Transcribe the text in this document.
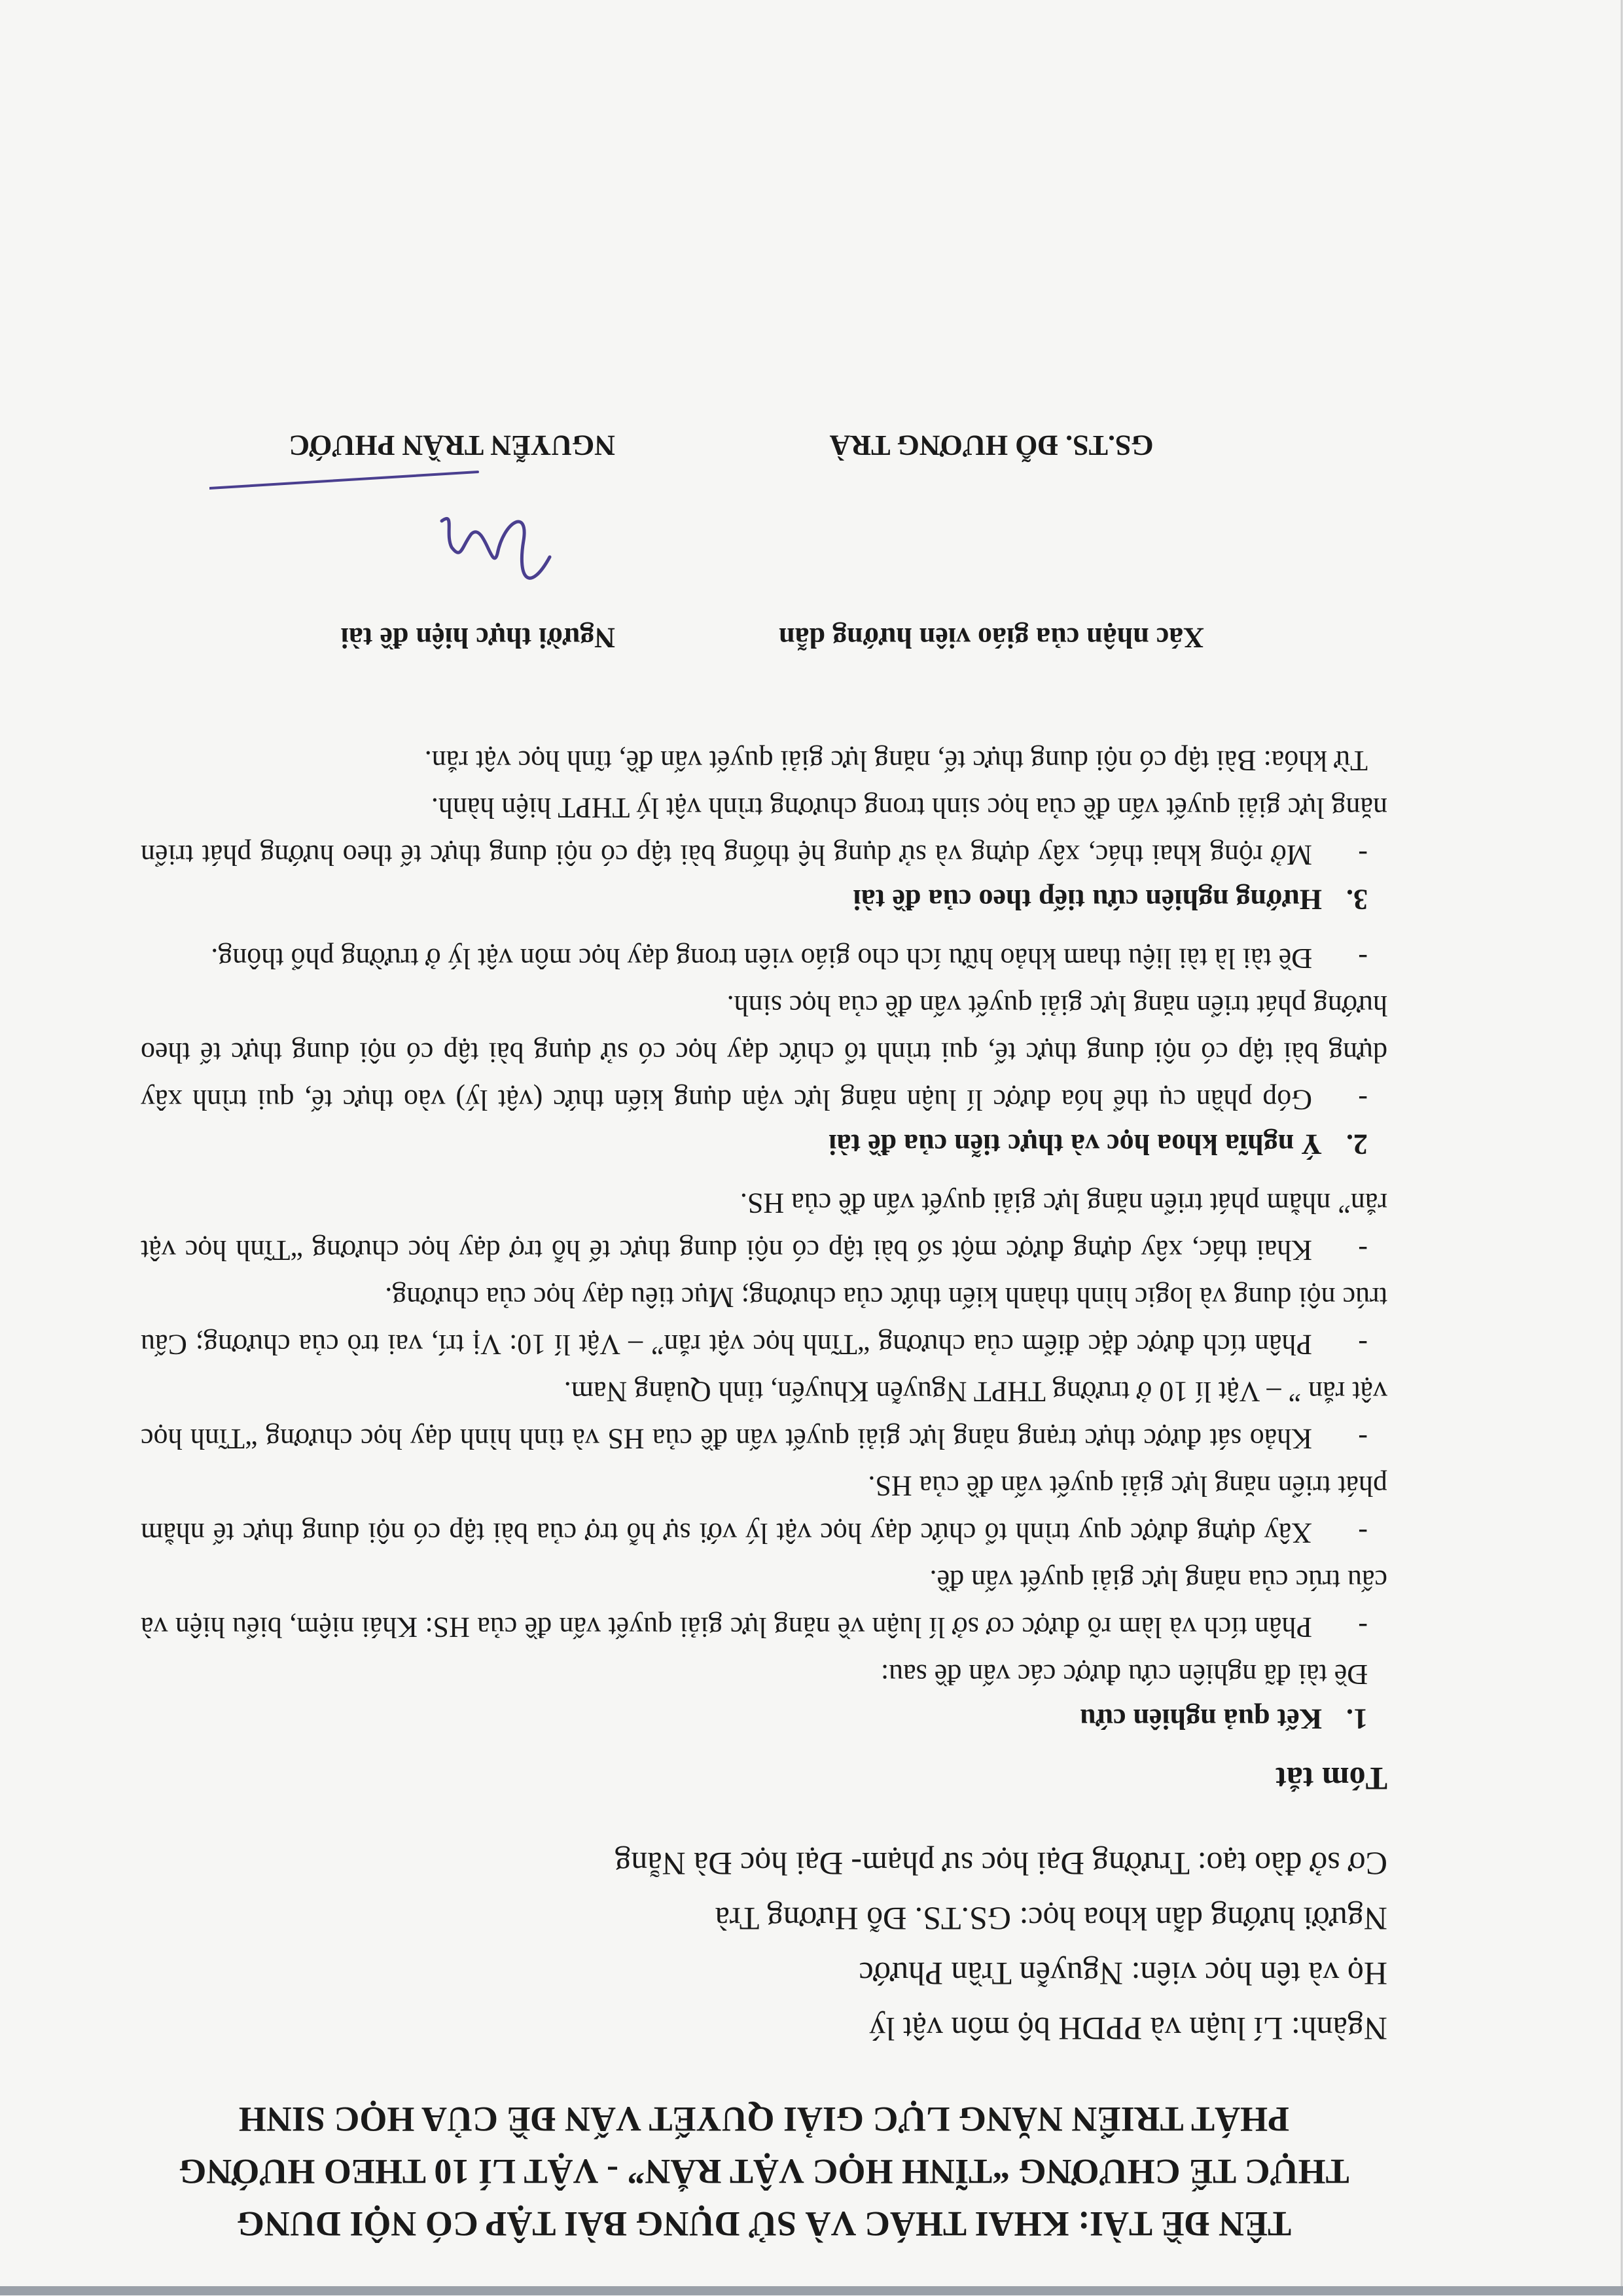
TÊN ĐỀ TÀI: KHAI THÁC VÀ SỬ DỤNG BÀI TẬP CÓ NỘI DUNG
THỰC TẾ CHƯƠNG “TĨNH HỌC VẬT RẮN” - VẬT LÍ 10 THEO HƯỚNG
PHÁT TRIỂN NĂNG LỰC GIẢI QUYẾT VẤN ĐỀ CỦA HỌC SINH

Ngành: Lí luận và PPDH bộ môn vật lý

Họ và tên học viên: Nguyễn Trần Phước

Người hướng dẫn khoa học: GS.TS. Đỗ Hương Trà

Cơ sở đào tạo: Trường Đại học sư phạm- Đại học Đà Nẵng

Tóm tắt
1.Kết quả nghiên cứu

Đề tài đã nghiên cứu được các vấn đề sau:

-Phân tích và làm rõ được cơ sở lí luận về năng lực giải quyết vấn đề của HS: Khái niệm, biểu hiện và cấu trúc của năng lực giải quyết vấn đề.

-Xây dựng được quy trình tổ chức dạy học vật lý với sự hỗ trợ của bài tập có nội dung thực tế nhằm phát triển năng lực giải quyết vấn đề của HS.

-Khảo sát được thực trạng năng lực giải quyết vấn đề của HS và tình hình dạy học chương “Tĩnh học vật rắn ” – Vật lí 10 ở trường THPT Nguyễn Khuyến, tỉnh Quảng Nam.

-Phân tích được đặc điểm của chương “Tĩnh học vật rắn” – Vật lí 10: Vị trí, vai trò của chương; Cấu trúc nội dung và logic hình thành kiến thức của chương; Mục tiêu dạy học của chương.

-Khai thác, xây dựng được một số bài tập có nội dung thực tế hỗ trợ dạy học chương “Tĩnh học vật rắn” nhằm phát triển năng lực giải quyết vấn đề của HS.

2.Ý nghĩa khoa học và thực tiễn của đề tài

-Góp phần cụ thể hóa được lí luận năng lực vận dụng kiến thức (vật lý) vào thực tế, qui trình xây dựng bài tập có nội dung thực tế, qui trình tổ chức dạy học có sử dụng bài tập có nội dung thực tế theo hướng phát triển năng lực giải quyết vấn đề của học sinh.

-Đề tài là tài liệu tham khảo hữu ích cho giáo viên trong dạy học môn vật lý ở trường phổ thông.

3.Hướng nghiên cứu tiếp theo của đề tài

-Mở rộng khai thác, xây dựng và sử dụng hệ thống bài tập có nội dung thực tế theo hướng phát triển năng lực giải quyết vấn đề của học sinh trong chương trình vật lý THPT hiện hành.

Từ khóa: Bài tập có nội dung thực tế, năng lực giải quyết vấn đề, tĩnh học vật rắn.

Xác nhận của giáo viên hướng dẫn
GS.TS. ĐỖ HƯƠNG TRÀ
Người thực hiện đề tài
NGUYỄN TRẦN PHƯỚC
